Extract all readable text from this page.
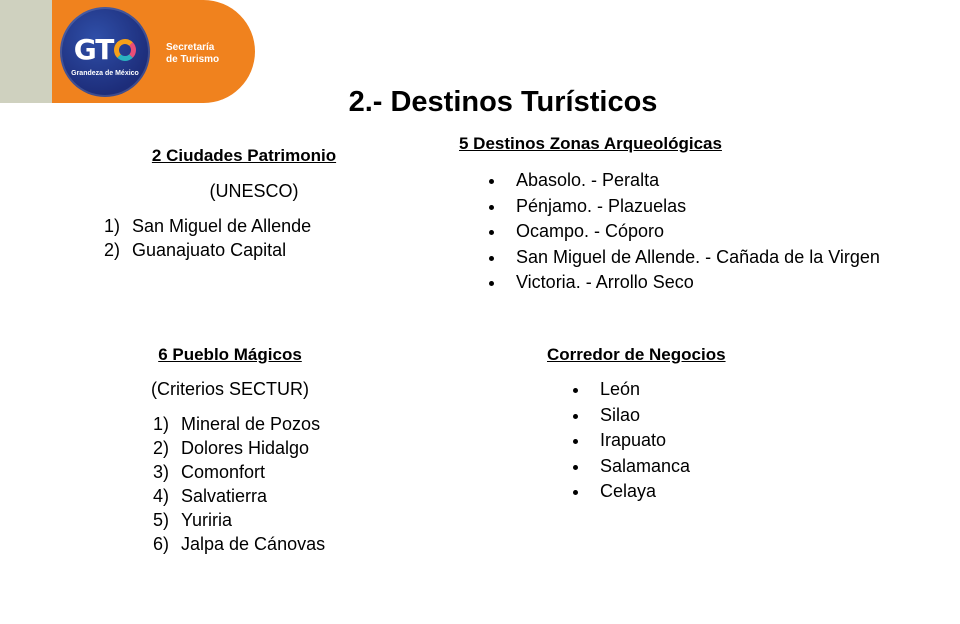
GT
Grandeza de México
Secretaría
de Turismo
2.- Destinos Turísticos
2 Ciudades Patrimonio
(UNESCO)
1) San Miguel de Allende
2) Guanajuato Capital
5 Destinos Zonas Arqueológicas
Abasolo. - Peralta
Pénjamo. - Plazuelas
Ocampo. - Cóporo
San Miguel de Allende. - Cañada de la Virgen
Victoria. - Arrollo Seco
6 Pueblo Mágicos
(Criterios SECTUR)
1) Mineral de Pozos
2) Dolores Hidalgo
3) Comonfort
4) Salvatierra
5) Yuriria
6) Jalpa de Cánovas
Corredor de Negocios
León
Silao
Irapuato
Salamanca
Celaya
